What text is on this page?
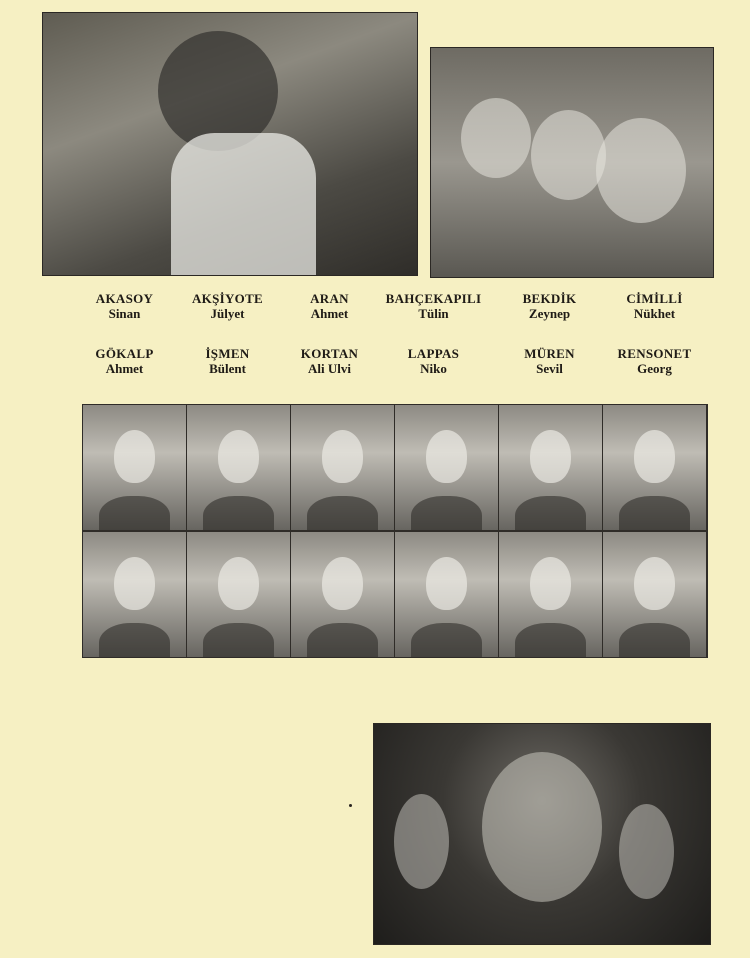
AKASOY
Sinan
AKŞİYOTE
Jülyet
ARAN
Ahmet
BAHÇEKAPILI
Tülin
BEKDİK
Zeynep
CİMİLLİ
Nükhet
GÖKALP
Ahmet
İŞMEN
Bülent
KORTAN
Ali Ulvi
LAPPAS
Niko
MÜREN
Sevil
RENSONET
Georg
